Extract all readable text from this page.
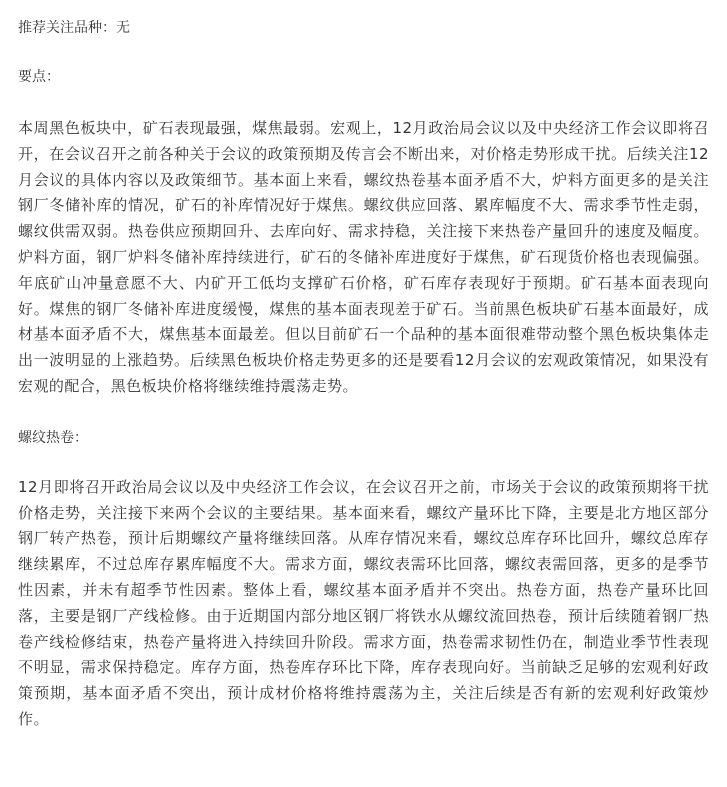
推荐关注品种：无

要点：

本周黑色板块中，矿石表现最强，煤焦最弱。宏观上，12月政治局会议以及中央经济工作会议即将召开，在会议召开之前各种关于会议的政策预期及传言会不断出来，对价格走势形成干扰。后续关注12月会议的具体内容以及政策细节。基本面上来看，螺纹热卷基本面矛盾不大，炉料方面更多的是关注钢厂冬储补库的情况，矿石的补库情况好于煤焦。螺纹供应回落、累库幅度不大、需求季节性走弱，螺纹供需双弱。热卷供应预期回升、去库向好、需求持稳，关注接下来热卷产量回升的速度及幅度。炉料方面，钢厂炉料冬储补库持续进行，矿石的冬储补库进度好于煤焦，矿石现货价格也表现偏强。年底矿山冲量意愿不大、内矿开工低均支撑矿石价格，矿石库存表现好于预期。矿石基本面表现向好。煤焦的钢厂冬储补库进度缓慢，煤焦的基本面表现差于矿石。当前黑色板块矿石基本面最好，成材基本面矛盾不大，煤焦基本面最差。但以目前矿石一个品种的基本面很难带动整个黑色板块集体走出一波明显的上涨趋势。后续黑色板块价格走势更多的还是要看12月会议的宏观政策情况，如果没有宏观的配合，黑色板块价格将继续维持震荡走势。

螺纹热卷：

12月即将召开政治局会议以及中央经济工作会议，在会议召开之前，市场关于会议的政策预期将干扰价格走势，关注接下来两个会议的主要结果。基本面来看，螺纹产量环比下降，主要是北方地区部分钢厂转产热卷，预计后期螺纹产量将继续回落。从库存情况来看，螺纹总库存环比回升，螺纹总库存继续累库，不过总库存累库幅度不大。需求方面，螺纹表需环比回落，螺纹表需回落，更多的是季节性因素，并未有超季节性因素。整体上看，螺纹基本面矛盾并不突出。热卷方面，热卷产量环比回落，主要是钢厂产线检修。由于近期国内部分地区钢厂将铁水从螺纹流回热卷，预计后续随着钢厂热卷产线检修结束，热卷产量将进入持续回升阶段。需求方面，热卷需求韧性仍在，制造业季节性表现不明显，需求保持稳定。库存方面，热卷库存环比下降，库存表现向好。当前缺乏足够的宏观利好政策预期，基本面矛盾不突出，预计成材价格将维持震荡为主，关注后续是否有新的宏观利好政策炒作。
